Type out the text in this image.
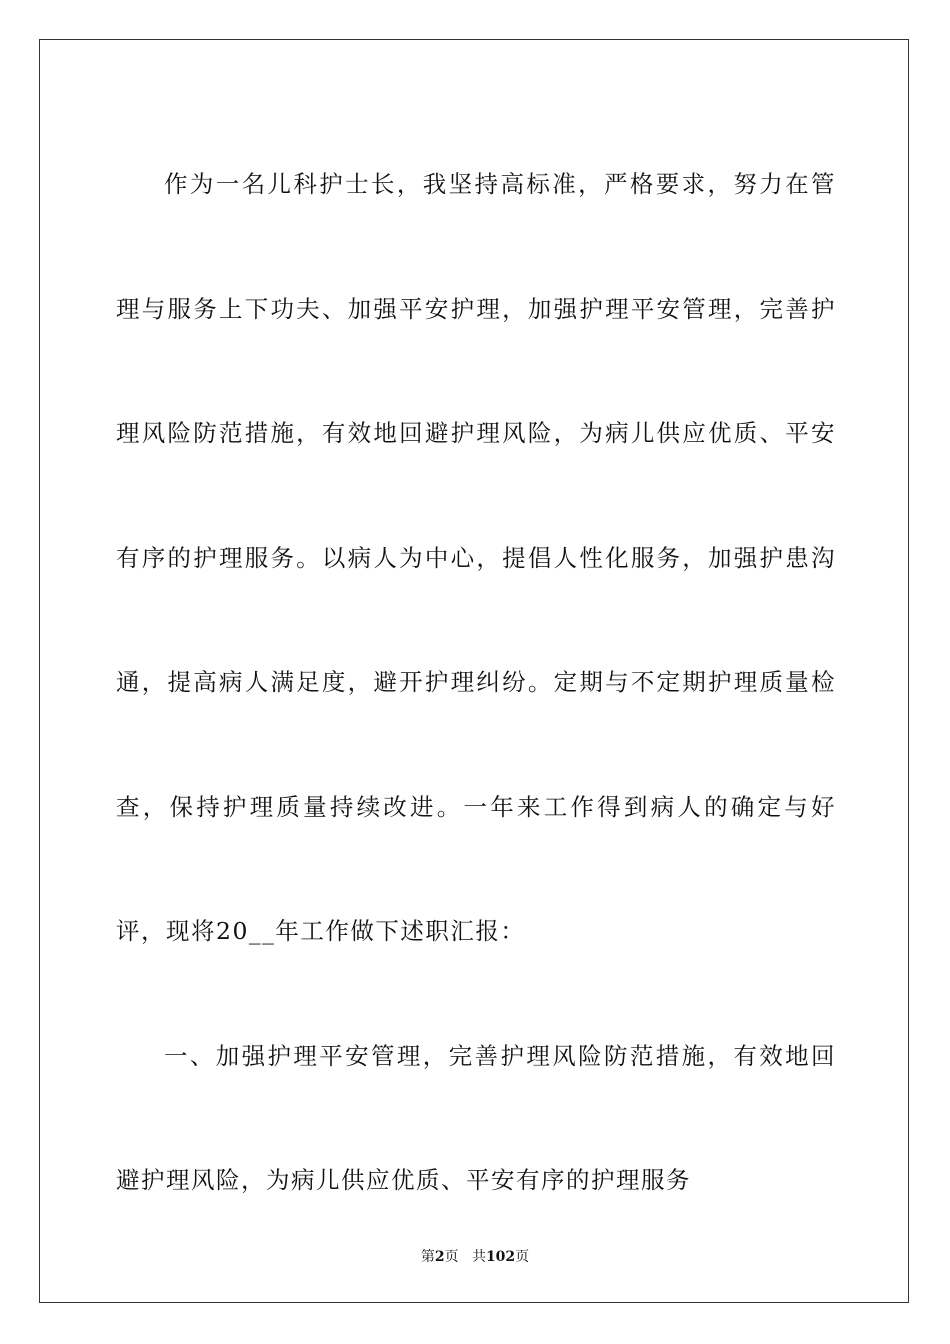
作为一名儿科护士长，我坚持高标准，严格要求，努力在管理与服务上下功夫、加强平安护理，加强护理平安管理，完善护理风险防范措施，有效地回避护理风险，为病儿供应优质、平安有序的护理服务。以病人为中心，提倡人性化服务，加强护患沟通，提高病人满足度，避开护理纠纷。定期与不定期护理质量检查，保持护理质量持续改进。一年来工作得到病人的确定与好评，现将20__年工作做下述职汇报：

一、加强护理平安管理，完善护理风险防范措施，有效地回避护理风险，为病儿供应优质、平安有序的护理服务

第2页 共102页
